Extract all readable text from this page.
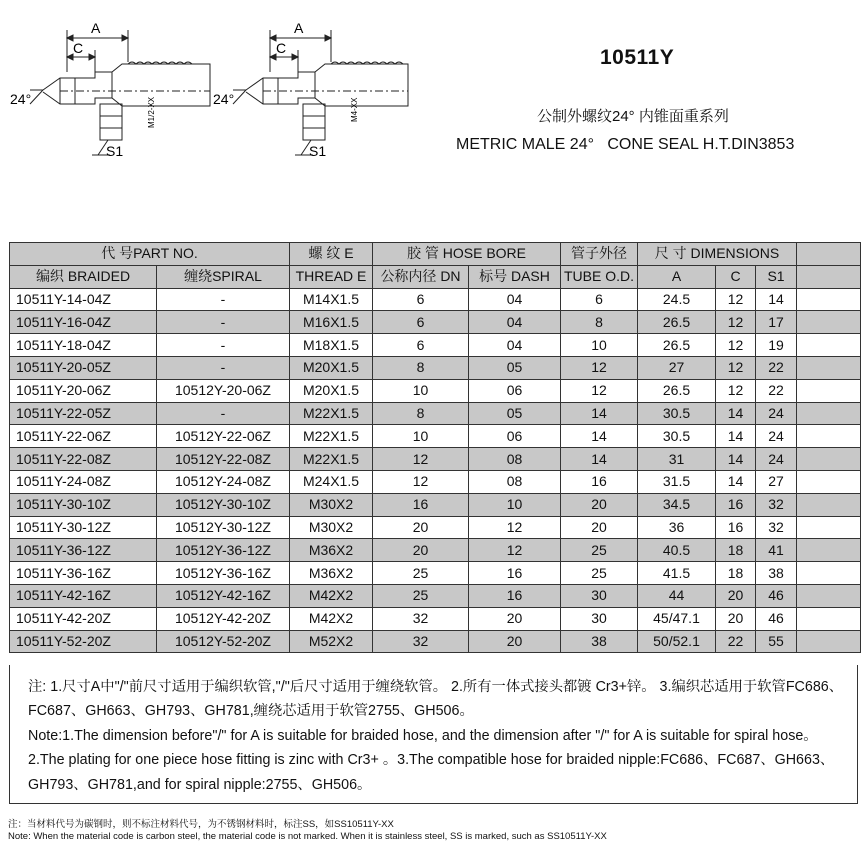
A
C
24°
S1
M1/2-XX
A
C
24°
S1
M4-XX
10511Y
公制外螺纹24° 内锥面重系列
METRIC MALE 24°   CONE SEAL H.T.DIN3853
代 号PART NO.		螺 纹 E	胶 管 HOSE BORE		管子外径	尺 寸 DIMENSIONS			
编织 BRAIDED	缠绕SPIRAL	THREAD E	公称内径 DN	标号 DASH	TUBE O.D.	A	C	S1	
10511Y-14-04Z	-	M14X1.5	6	04	6	24.5	12	14	
10511Y-16-04Z	-	M16X1.5	6	04	8	26.5	12	17	
10511Y-18-04Z	-	M18X1.5	6	04	10	26.5	12	19	
10511Y-20-05Z	-	M20X1.5	8	05	12	27	12	22	
10511Y-20-06Z	10512Y-20-06Z	M20X1.5	10	06	12	26.5	12	22	
10511Y-22-05Z	-	M22X1.5	8	05	14	30.5	14	24	
10511Y-22-06Z	10512Y-22-06Z	M22X1.5	10	06	14	30.5	14	24	
10511Y-22-08Z	10512Y-22-08Z	M22X1.5	12	08	14	31	14	24	
10511Y-24-08Z	10512Y-24-08Z	M24X1.5	12	08	16	31.5	14	27	
10511Y-30-10Z	10512Y-30-10Z	M30X2	16	10	20	34.5	16	32	
10511Y-30-12Z	10512Y-30-12Z	M30X2	20	12	20	36	16	32	
10511Y-36-12Z	10512Y-36-12Z	M36X2	20	12	25	40.5	18	41	
10511Y-36-16Z	10512Y-36-16Z	M36X2	25	16	25	41.5	18	38	
10511Y-42-16Z	10512Y-42-16Z	M42X2	25	16	30	44	20	46	
10511Y-42-20Z	10512Y-42-20Z	M42X2	32	20	30	45/47.1	20	46	
10511Y-52-20Z	10512Y-52-20Z	M52X2	32	20	38	50/52.1	22	55	

注: 1.尺寸A中"/"前尺寸适用于编织软管,"/"后尺寸适用于缠绕软管。 2.所有一体式接头都镀 Cr3+锌。 3.编织芯适用于软管FC686、FC687、GH663、GH793、GH781,缠绕芯适用于软管2755、GH506。

Note:1.The dimension before"/" for A is suitable for braided hose, and the dimension after "/" for A is suitable for spiral hose。2.The plating for one piece hose fitting is zinc with Cr3+ 。3.The compatible hose for braided nipple:FC686、FC687、GH663、GH793、GH781,and for spiral nipple:2755、GH506。

注：当材料代号为碳钢时，则不标注材料代号，为不锈钢材料时，标注SS，如SS10511Y-XX
Note: When the material code is carbon steel, the material code is not marked. When it is stainless steel, SS is marked, such as SS10511Y-XX
